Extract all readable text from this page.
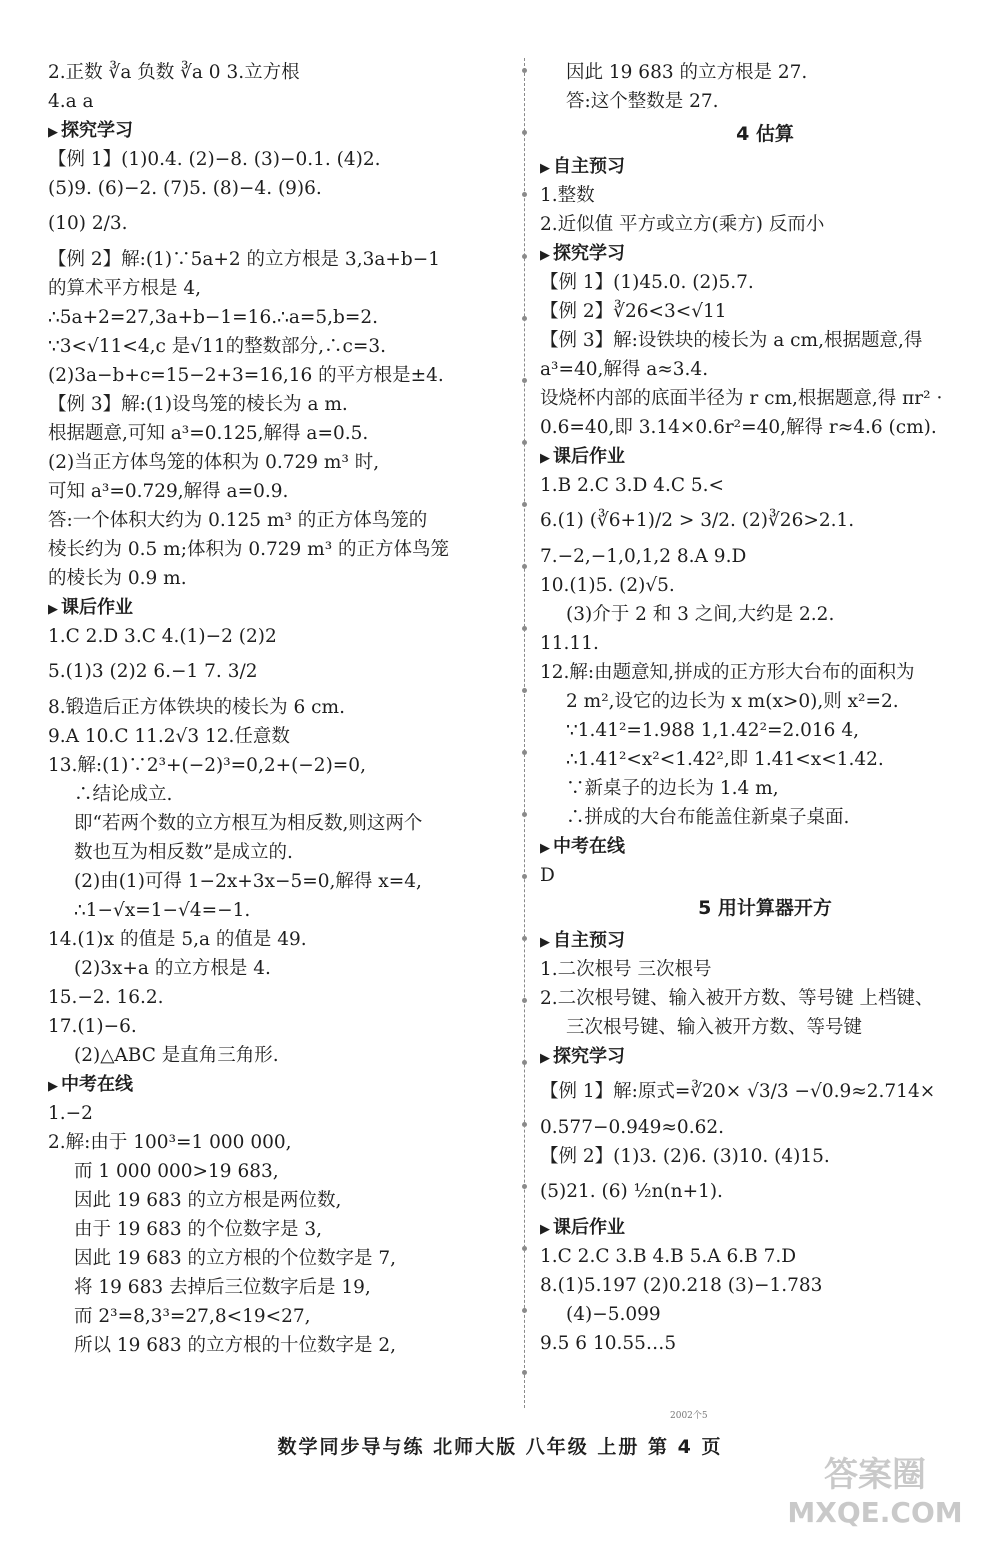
2.正数 ∛a 负数 ∛a 0 3.立方根
4.a a
▶ 探究学习
【例 1】(1)0.4. (2)−8. (3)−0.1. (4)2.
(5)9. (6)−2. (7)5. (8)−4. (9)6.
(10) 2/3.
【例 2】解:(1)∵5a+2 的立方根是 3,3a+b−1
的算术平方根是 4,
∴5a+2=27,3a+b−1=16.∴a=5,b=2.
∵3<√11<4,c 是√11的整数部分,∴c=3.
(2)3a−b+c=15−2+3=16,16 的平方根是±4.
【例 3】解:(1)设鸟笼的棱长为 a m.
根据题意,可知 a³=0.125,解得 a=0.5.
(2)当正方体鸟笼的体积为 0.729 m³ 时,
可知 a³=0.729,解得 a=0.9.
答:一个体积大约为 0.125 m³ 的正方体鸟笼的
棱长约为 0.5 m;体积为 0.729 m³ 的正方体鸟笼
的棱长为 0.9 m.
▶ 课后作业
1.C 2.D 3.C 4.(1)−2 (2)2
5.(1)3 (2)2 6.−1 7. 3/2
8.锻造后正方体铁块的棱长为 6 cm.
9.A 10.C 11.2√3 12.任意数
13.解:(1)∵2³+(−2)³=0,2+(−2)=0,
∴结论成立.
即“若两个数的立方根互为相反数,则这两个
数也互为相反数”是成立的.
(2)由(1)可得 1−2x+3x−5=0,解得 x=4,
∴1−√x=1−√4=−1.
14.(1)x 的值是 5,a 的值是 49.
(2)3x+a 的立方根是 4.
15.−2. 16.2.
17.(1)−6.
(2)△ABC 是直角三角形.
▶ 中考在线
1.−2
2.解:由于 100³=1 000 000,
而 1 000 000>19 683,
因此 19 683 的立方根是两位数,
由于 19 683 的个位数字是 3,
因此 19 683 的立方根的个位数字是 7,
将 19 683 去掉后三位数字后是 19,
而 2³=8,3³=27,8<19<27,
所以 19 683 的立方根的十位数字是 2,
因此 19 683 的立方根是 27.
答:这个整数是 27.
4 估算
▶ 自主预习
1.整数
2.近似值 平方或立方(乘方) 反而小
▶ 探究学习
【例 1】(1)45.0. (2)5.7.
【例 2】∛26<3<√11
【例 3】解:设铁块的棱长为 a cm,根据题意,得
a³=40,解得 a≈3.4.
设烧杯内部的底面半径为 r cm,根据题意,得 πr² ·
0.6=40,即 3.14×0.6r²=40,解得 r≈4.6 (cm).
▶ 课后作业
1.B 2.C 3.D 4.C 5.<
6.(1) (∛6+1)/2 > 3/2. (2)∛26>2.1.
7.−2,−1,0,1,2 8.A 9.D
10.(1)5. (2)√5.
(3)介于 2 和 3 之间,大约是 2.2.
11.11.
12.解:由题意知,拼成的正方形大台布的面积为
2 m²,设它的边长为 x m(x>0),则 x²=2.
∵1.41²=1.988 1,1.42²=2.016 4,
∴1.41²<x²<1.42²,即 1.41<x<1.42.
∵新桌子的边长为 1.4 m,
∴拼成的大台布能盖住新桌子桌面.
▶ 中考在线
D
5 用计算器开方
▶ 自主预习
1.二次根号 三次根号
2.二次根号键、输入被开方数、等号键 上档键、
三次根号键、输入被开方数、等号键
▶ 探究学习
【例 1】解:原式=∛20× √3/3 −√0.9≈2.714×
0.577−0.949≈0.62.
【例 2】(1)3. (2)6. (3)10. (4)15.
(5)21. (6) ½n(n+1).
▶ 课后作业
1.C 2.C 3.B 4.B 5.A 6.B 7.D
8.(1)5.197 (2)0.218 (3)−1.783
(4)−5.099
9.5 6 10.55…5
2002个5
数学同步导与练 北师大版 八年级 上册 第 4 页
答案圈
MXQE.COM
